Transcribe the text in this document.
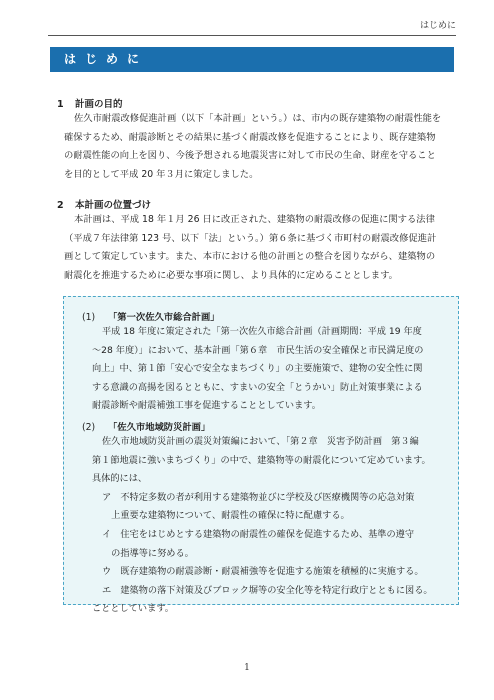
はじめに
はじめに
1 計画の目的
佐久市耐震改修促進計画（以下「本計画」という。）は、市内の既存建築物の耐震性能を
確保するため、耐震診断とその結果に基づく耐震改修を促進することにより、既存建築物
の耐震性能の向上を図り、今後予想される地震災害に対して市民の生命、財産を守ること
を目的として平成 20 年３月に策定しました。
2 本計画の位置づけ
本計画は、平成 18 年１月 26 日に改正された、建築物の耐震改修の促進に関する法律
（平成７年法律第 123 号、以下「法」という。）第６条に基づく市町村の耐震改修促進計
画として策定しています。また、本市における他の計画との整合を図りながら、建築物の
耐震化を推進するために必要な事項に関し、より具体的に定めることとします。
(1) 「第一次佐久市総合計画」
平成 18 年度に策定された「第一次佐久市総合計画（計画期間：平成 19 年度
～28 年度）」において、基本計画「第６章　市民生活の安全確保と市民満足度の
向上」中、第１節「安心で安全なまちづくり」の主要施策で、建物の安全性に関
する意識の高揚を図るとともに、すまいの安全「とうかい」防止対策事業による
耐震診断や耐震補強工事を促進することとしています。
(2) 「佐久市地域防災計画」
佐久市地域防災計画の震災対策編において、「第２章　災害予防計画　第３編
第１節地震に強いまちづくり」の中で、建築物等の耐震化について定めています。
具体的には、
ア　不特定多数の者が利用する建築物並びに学校及び医療機関等の応急対策
　上重要な建築物について、耐震性の確保に特に配慮する。
イ　住宅をはじめとする建築物の耐震性の確保を促進するため、基準の遵守
　の指導等に努める。
ウ　既存建築物の耐震診断・耐震補強等を促進する施策を積極的に実施する。
エ　建築物の落下対策及びブロック塀等の安全化等を特定行政庁とともに図る。
こととしています。
1
